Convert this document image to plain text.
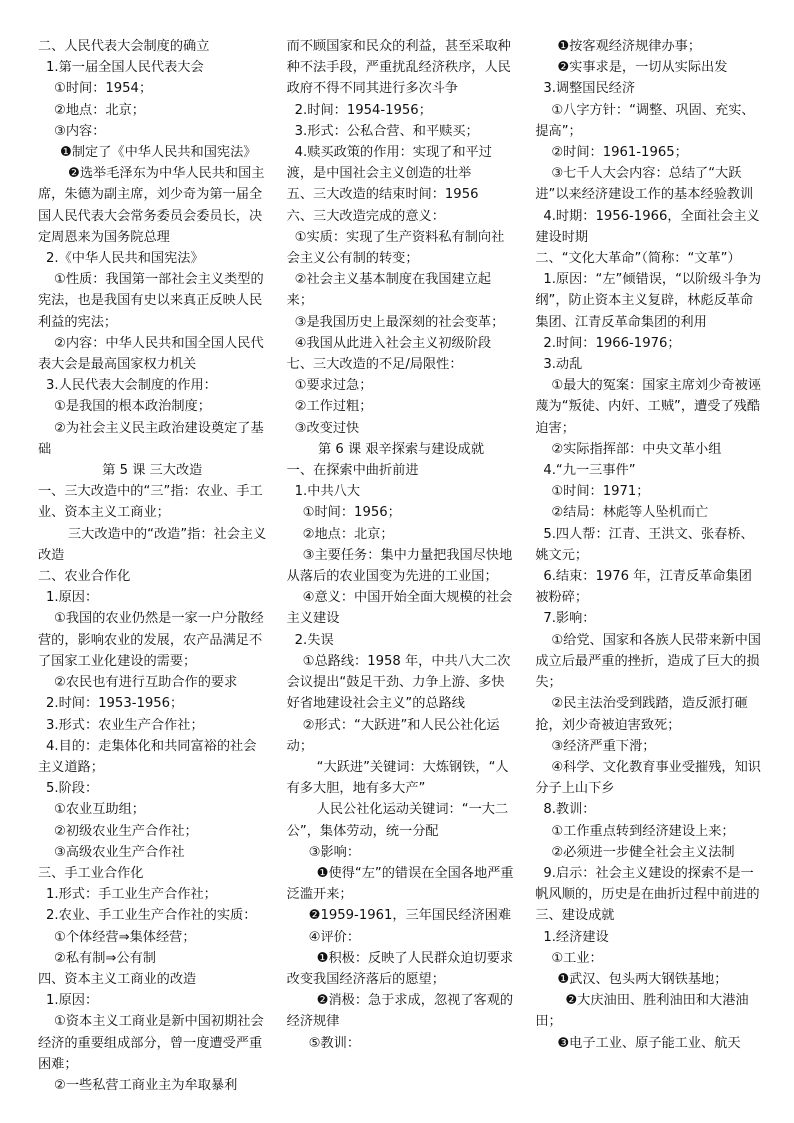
二、人民代表大会制度的确立

1.第一届全国人民代表大会

①时间：1954；

②地点：北京；

③内容：

❶制定了《中华人民共和国宪法》

❷选举毛泽东为中华人民共和国主席，朱德为副主席，刘少奇为第一届全国人民代表大会常务委员会委员长，决定周恩来为国务院总理

2.《中华人民共和国宪法》

①性质：我国第一部社会主义类型的宪法，也是我国有史以来真正反映人民利益的宪法；

②内容：中华人民共和国全国人民代表大会是最高国家权力机关

3.人民代表大会制度的作用：

①是我国的根本政治制度；

②为社会主义民主政治建设奠定了基础

第 5 课 三大改造

一、三大改造中的“三”指：农业、手工业、资本主义工商业；

三大改造中的“改造”指：社会主义改造

二、农业合作化

1.原因：

①我国的农业仍然是一家一户分散经营的，影响农业的发展，农产品满足不了国家工业化建设的需要；

②农民也有进行互助合作的要求

2.时间：1953-1956；

3.形式：农业生产合作社；

4.目的：走集体化和共同富裕的社会主义道路；

5.阶段：

①农业互助组；

②初级农业生产合作社；

③高级农业生产合作社

三、手工业合作化

1.形式：手工业生产合作社；

2.农业、手工业生产合作社的实质：

①个体经营⇒集体经营；

②私有制⇒公有制

四、资本主义工商业的改造

1.原因：

①资本主义工商业是新中国初期社会经济的重要组成部分，曾一度遭受严重困难；

②一些私营工商业主为牟取暴利

而不顾国家和民众的利益，甚至采取种种不法手段，严重扰乱经济秩序，人民政府不得不同其进行多次斗争

2.时间：1954-1956；

3.形式：公私合营、和平赎买；

4.赎买政策的作用：实现了和平过渡，是中国社会主义创造的壮举

五、三大改造的结束时间：1956

六、三大改造完成的意义：

①实质：实现了生产资料私有制向社会主义公有制的转变；

②社会主义基本制度在我国建立起来；

③是我国历史上最深刻的社会变革；

④我国从此进入社会主义初级阶段

七、三大改造的不足/局限性：

①要求过急；

②工作过粗；

③改变过快

第 6 课 艰辛探索与建设成就

一、在探索中曲折前进

1.中共八大

①时间：1956；

②地点：北京；

③主要任务：集中力量把我国尽快地从落后的农业国变为先进的工业国；

④意义：中国开始全面大规模的社会主义建设

2.失误

①总路线：1958 年，中共八大二次会议提出“鼓足干劲、力争上游、多快好省地建设社会主义”的总路线

②形式：“大跃进”和人民公社化运动；

“大跃进”关键词：大炼钢铁，“人有多大胆，地有多大产”

人民公社化运动关键词：“一大二公”，集体劳动，统一分配

③影响：

❶使得“左”的错误在全国各地严重泛滥开来；

❷1959-1961，三年国民经济困难

④评价：

❶积极：反映了人民群众迫切要求改变我国经济落后的愿望；

❷消极：急于求成，忽视了客观的经济规律

⑤教训：

❶按客观经济规律办事；

❷实事求是，一切从实际出发

3.调整国民经济

①八字方针：“调整、巩固、充实、提高”；

②时间：1961-1965；

③七千人大会内容：总结了“大跃进”以来经济建设工作的基本经验教训

4.时期：1956-1966，全面社会主义建设时期

二、“文化大革命”（简称：“文革”）

1.原因：“左”倾错误，“以阶级斗争为纲”，防止资本主义复辟，林彪反革命集团、江青反革命集团的利用

2.时间：1966-1976；

3.动乱

①最大的冤案：国家主席刘少奇被诬蔑为“叛徒、内奸、工贼”，遭受了残酷迫害；

②实际指挥部：中央文革小组

4.“九一三事件”

①时间：1971；

②结局：林彪等人坠机而亡

5.四人帮：江青、王洪文、张春桥、姚文元；

6.结束：1976 年，江青反革命集团被粉碎；

7.影响：

①给党、国家和各族人民带来新中国成立后最严重的挫折，造成了巨大的损失；

②民主法治受到践踏，造反派打砸抢，刘少奇被迫害致死；

③经济严重下滑；

④科学、文化教育事业受摧残，知识分子上山下乡

8.教训：

①工作重点转到经济建设上来；

②必须进一步健全社会主义法制

9.启示：社会主义建设的探索不是一帆风顺的，历史是在曲折过程中前进的

三、建设成就

1.经济建设

①工业：

❶武汉、包头两大钢铁基地；

❷大庆油田、胜利油田和大港油田；

❸电子工业、原子能工业、航天
